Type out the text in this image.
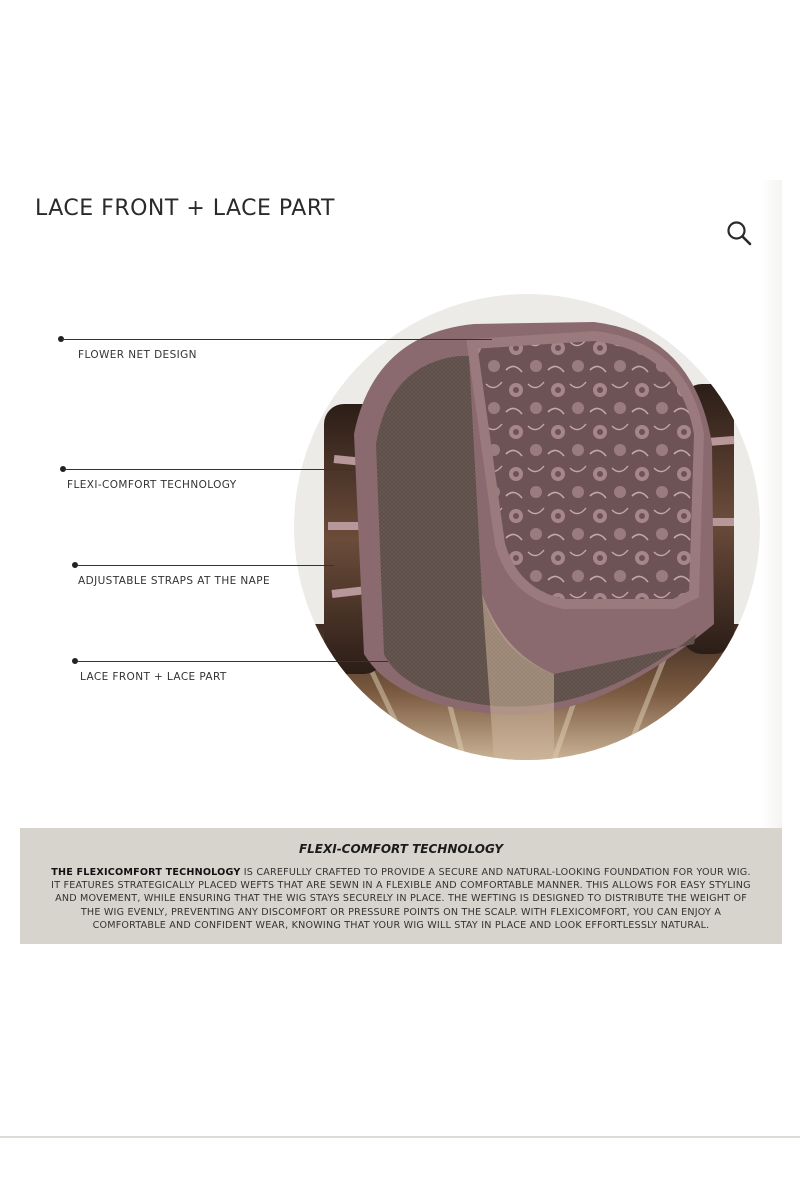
LACE FRONT + LACE PART
FLOWER NET DESIGN
FLEXI-COMFORT TECHNOLOGY
ADJUSTABLE STRAPS AT THE NAPE
LACE FRONT + LACE PART
FLEXI-COMFORT TECHNOLOGY
THE FLEXICOMFORT TECHNOLOGY IS CAREFULLY CRAFTED TO PROVIDE A SECURE AND NATURAL-LOOKING FOUNDATION FOR YOUR WIG. IT FEATURES STRATEGICALLY PLACED WEFTS THAT ARE SEWN IN A FLEXIBLE AND COMFORTABLE MANNER. THIS ALLOWS FOR EASY STYLING AND MOVEMENT, WHILE ENSURING THAT THE WIG STAYS SECURELY IN PLACE. THE WEFTING IS DESIGNED TO DISTRIBUTE THE WEIGHT OF THE WIG EVENLY, PREVENTING ANY DISCOMFORT OR PRESSURE POINTS ON THE SCALP. WITH FLEXICOMFORT, YOU CAN ENJOY A COMFORTABLE AND CONFIDENT WEAR, KNOWING THAT YOUR WIG WILL STAY IN PLACE AND LOOK EFFORTLESSLY NATURAL.
